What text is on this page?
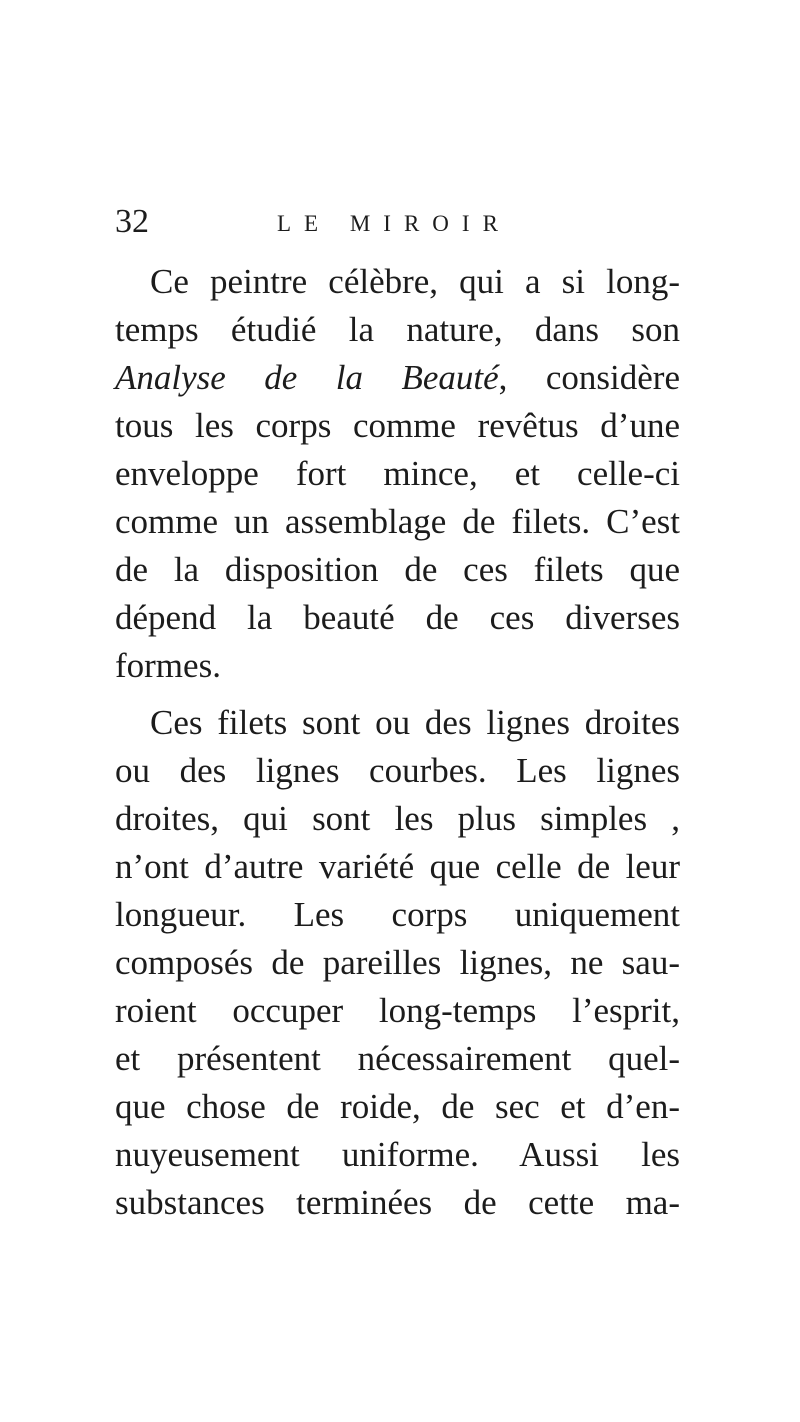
32	LE MIROIR
Ce peintre célèbre, qui a si long-
temps étudié la nature, dans son
Analyse de la Beauté, considère
tous les corps comme revêtus d’une
enveloppe fort mince, et celle-ci
comme un assemblage de filets. C’est
de la disposition de ces filets que
dépend la beauté de ces diverses
formes.
Ces filets sont ou des lignes droites
ou des lignes courbes. Les lignes
droites, qui sont les plus simples ,
n’ont d’autre variété que celle de leur
longueur. Les corps uniquement
composés de pareilles lignes, ne sau-
roient occuper long-temps l’esprit,
et présentent nécessairement quel-
que chose de roide, de sec et d’en-
nuyeusement uniforme. Aussi les
substances terminées de cette ma-
